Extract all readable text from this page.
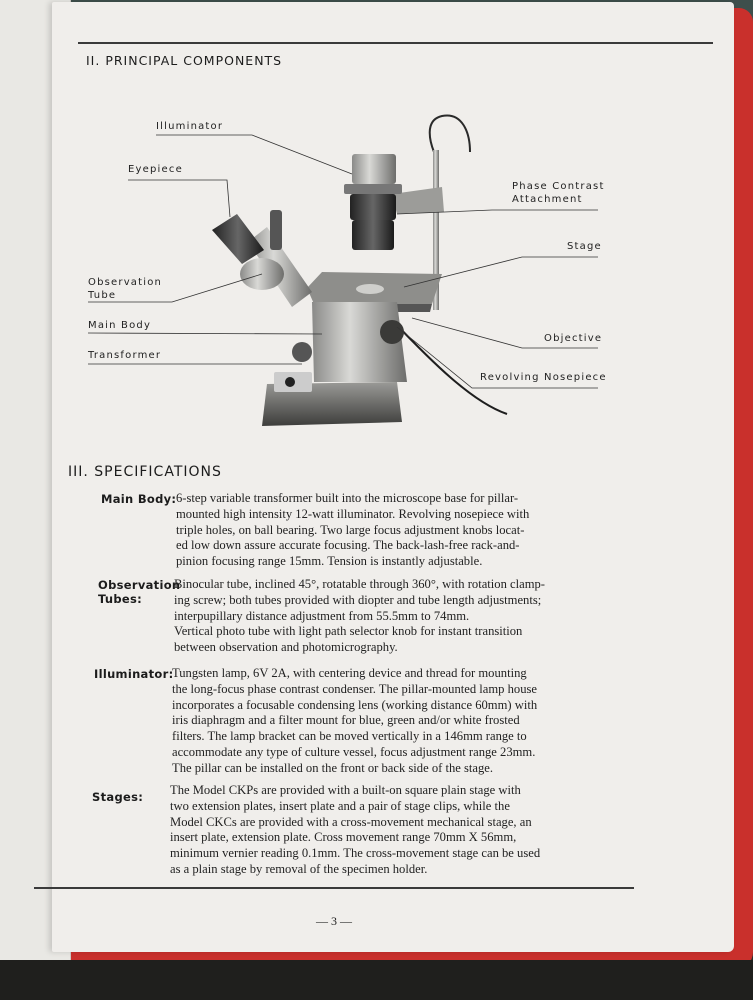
II. PRINCIPAL COMPONENTS
Illuminator
Eyepiece
Observation
Tube
Main Body
Transformer
Phase Contrast
Attachment
Stage
Objective
Revolving Nosepiece
III. SPECIFICATIONS
Main Body: 6-step variable transformer built into the microscope base for pillar-
mounted high intensity 12-watt illuminator. Revolving nosepiece with
triple holes, on ball bearing. Two large focus adjustment knobs locat-
ed low down assure accurate focusing. The back-lash-free rack-and-
pinion focusing range 15mm. Tension is instantly adjustable.
Observation
Tubes:
Binocular tube, inclined 45°, rotatable through 360°, with rotation clamp-
ing screw; both tubes provided with diopter and tube length adjustments;
interpupillary distance adjustment from 55.5mm to 74mm.
Vertical photo tube with light path selector knob for instant transition
between observation and photomicrography.
Illuminator:
Tungsten lamp, 6V 2A, with centering device and thread for mounting
the long-focus phase contrast condenser. The pillar-mounted lamp house
incorporates a focusable condensing lens (working distance 60mm) with
iris diaphragm and a filter mount for blue, green and/or white frosted
filters. The lamp bracket can be moved vertically in a 146mm range to
accommodate any type of culture vessel, focus adjustment range 23mm.
The pillar can be installed on the front or back side of the stage.
Stages: The Model CKPs are provided with a built-on square plain stage with
two extension plates, insert plate and a pair of stage clips, while the
Model CKCs are provided with a cross-movement mechanical stage, an
insert plate, extension plate. Cross movement range 70mm X 56mm,
minimum vernier reading 0.1mm. The cross-movement stage can be used
as a plain stage by removal of the specimen holder.
— 3 —
